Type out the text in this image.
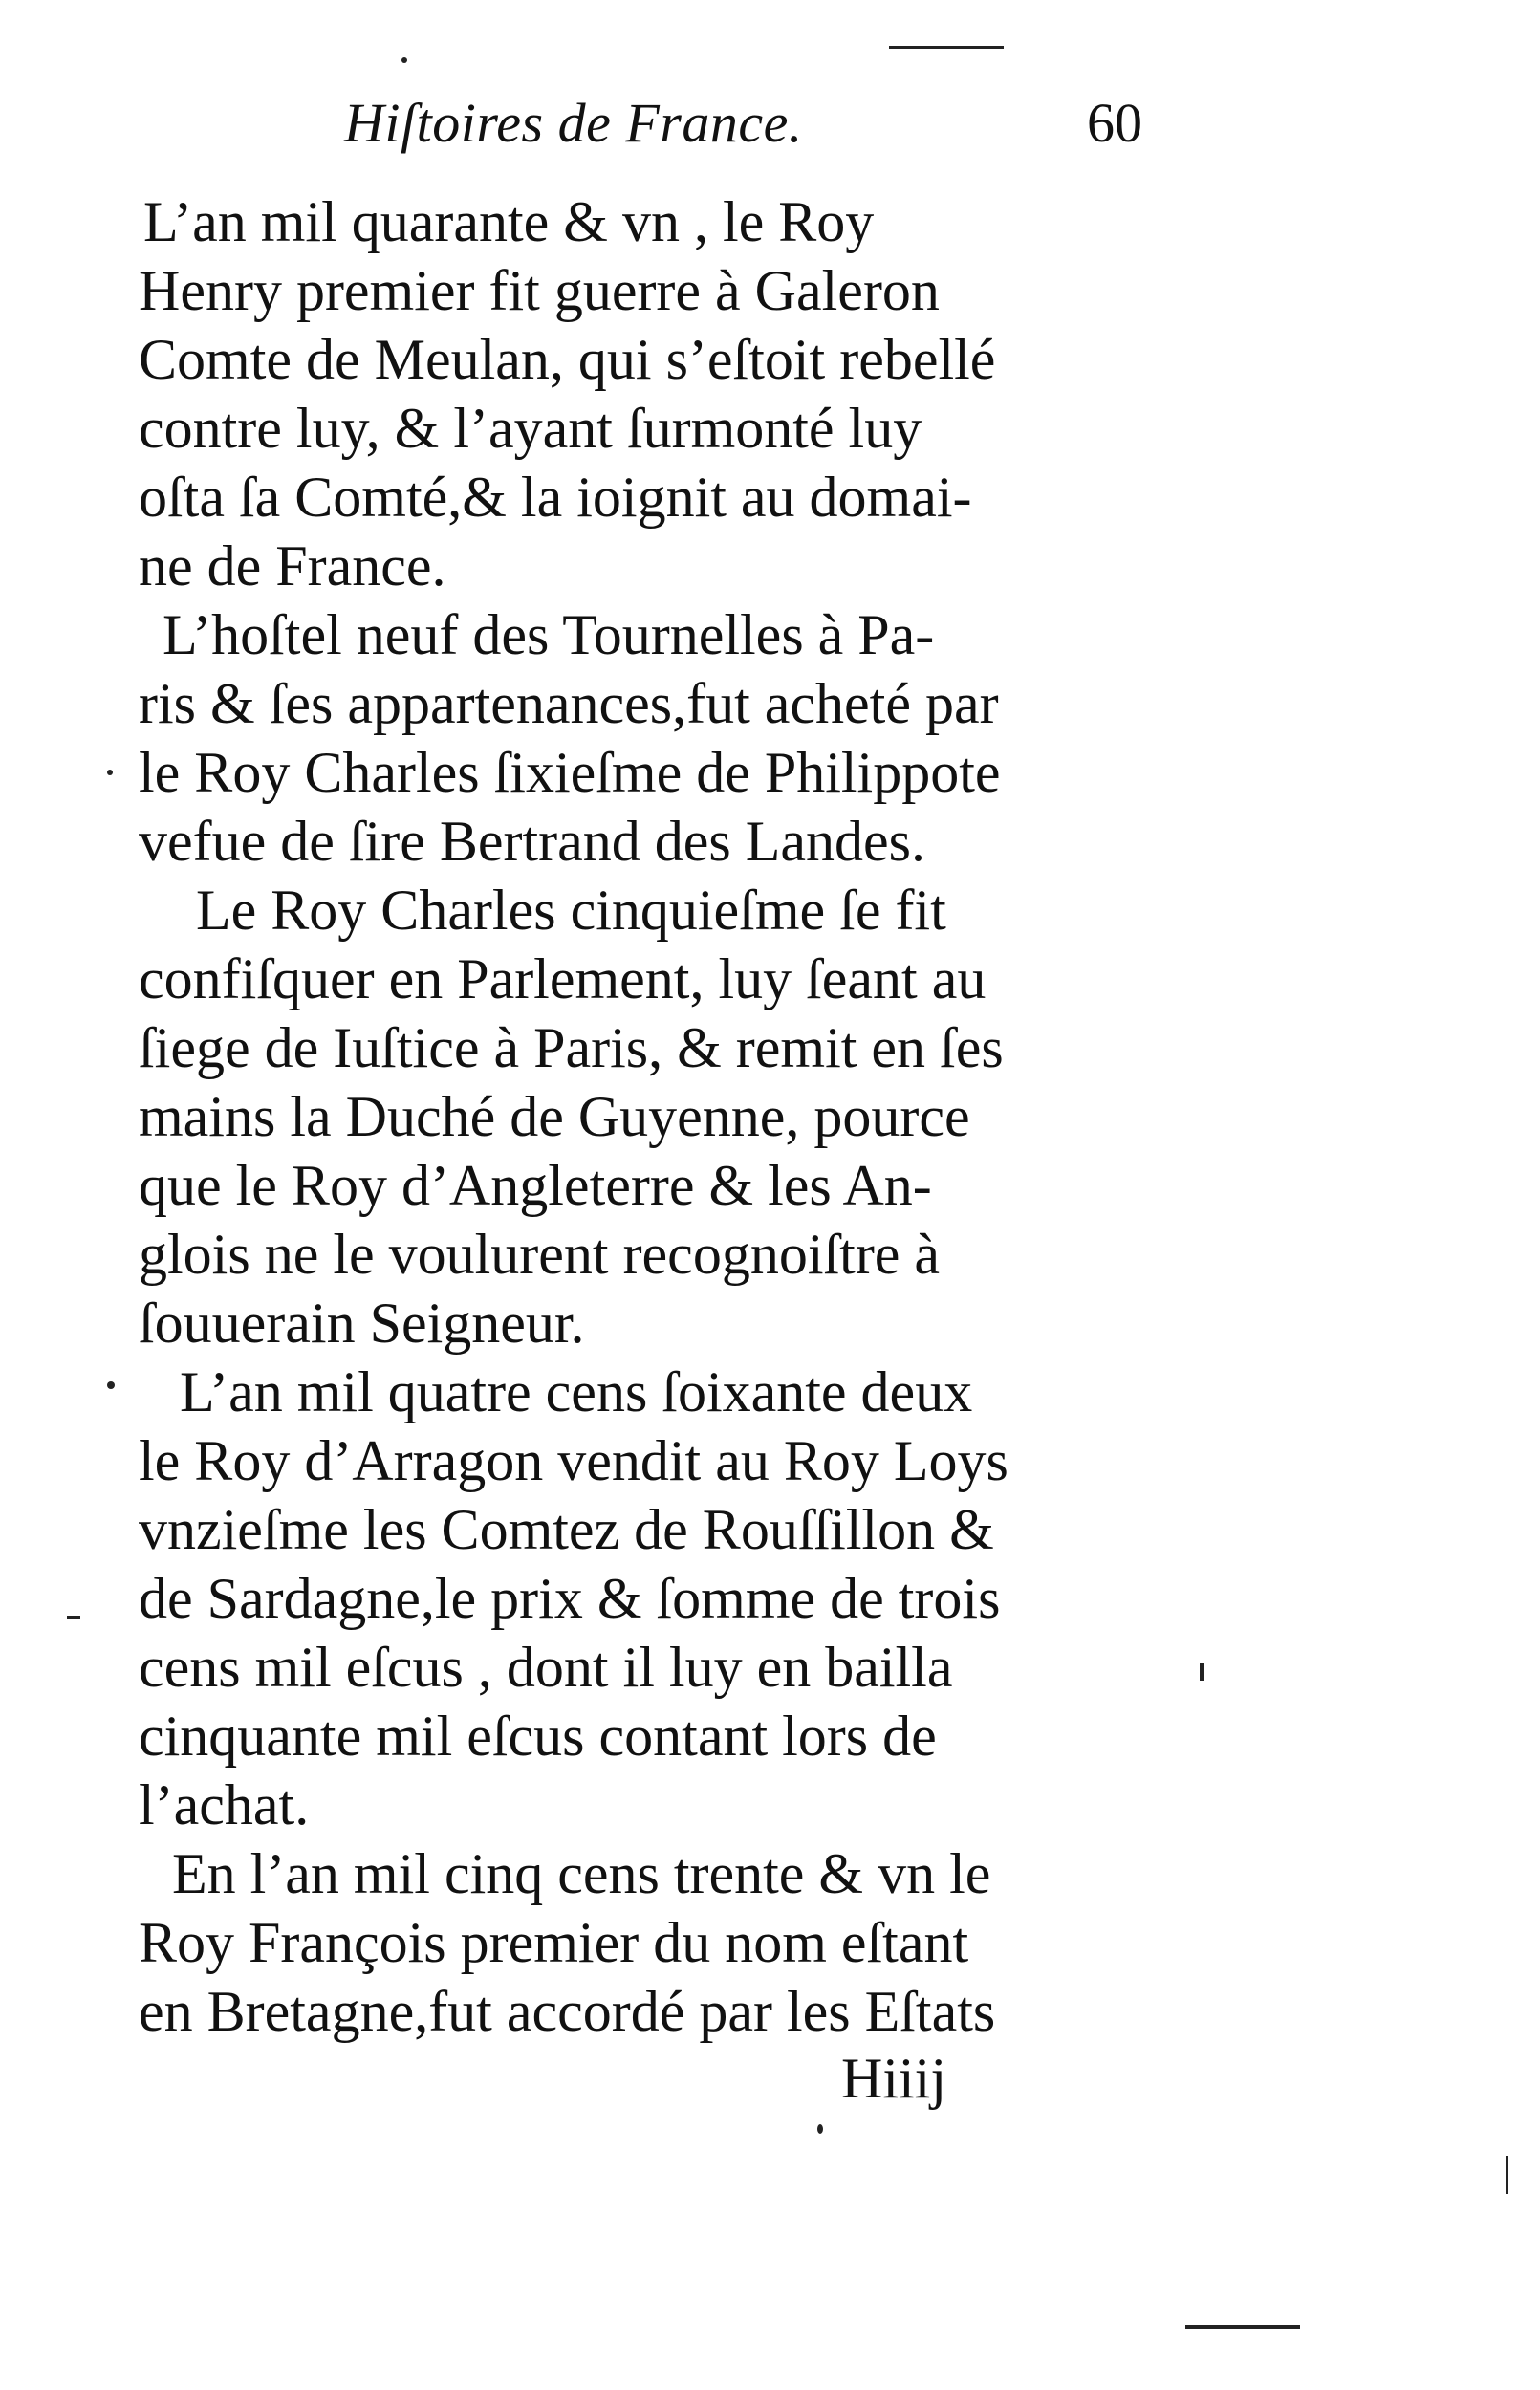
Hiſtoires de France.	60
L’an mil quarante & vn , le Roy
Henry premier fit guerre à Galeron
Comte de Meulan, qui s’eſtoit rebellé
contre luy, & l’ayant ſurmonté luy
oſta ſa Comté,& la ioignit au domai-
ne de France.
L’hoſtel neuf des Tournelles à Pa-
ris & ſes appartenances,fut acheté par
le Roy Charles ſixieſme de Philippote
vefue de ſire Bertrand des Landes.
Le Roy Charles cinquieſme ſe fit
confiſquer en Parlement, luy ſeant au
ſiege de Iuſtice à Paris, & remit en ſes
mains la Duché de Guyenne, pource
que le Roy d’Angleterre & les An-
glois ne le voulurent recognoiſtre à
ſouuerain Seigneur.
L’an mil quatre cens ſoixante deux
le Roy d’Arragon vendit au Roy Loys
vnzieſme les Comtez de Rouſſillon &
de Sardagne,le prix & ſomme de trois
cens mil eſcus , dont il luy en bailla
cinquante mil eſcus contant lors de
l’achat.
En l’an mil cinq cens trente & vn le
Roy François premier du nom eſtant
en Bretagne,fut accordé par les Eſtats
Hiiij
